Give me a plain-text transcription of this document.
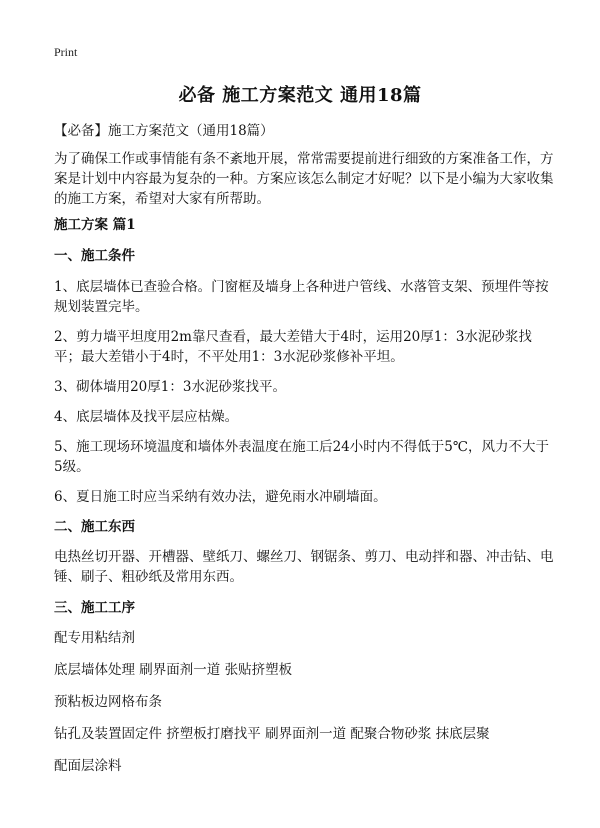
Print
必备 施工方案范文 通用18篇

【必备】施工方案范文（通用18篇）

为了确保工作或事情能有条不紊地开展，常常需要提前进行细致的方案准备工作，方案是计划中内容最为复杂的一种。方案应该怎么制定才好呢？以下是小编为大家收集的施工方案，希望对大家有所帮助。

施工方案 篇1

一、施工条件

1、底层墙体已查验合格。门窗框及墙身上各种进户管线、水落管支架、预埋件等按规划装置完毕。

2、剪力墙平坦度用2m靠尺查看，最大差错大于4时，运用20厚1：3水泥砂浆找平；最大差错小于4时，不平处用1：3水泥砂浆修补平坦。

3、砌体墙用20厚1：3水泥砂浆找平。

4、底层墙体及找平层应枯燥。

5、施工现场环境温度和墙体外表温度在施工后24小时内不得低于5℃，风力不大于5级。

6、夏日施工时应当采纳有效办法，避免雨水冲刷墙面。

二、施工东西

电热丝切开器、开槽器、壁纸刀、螺丝刀、钢锯条、剪刀、电动拌和器、冲击钻、电锤、刷子、粗砂纸及常用东西。

三、施工工序

配专用粘结剂

底层墙体处理 刷界面剂一道 张贴挤塑板

预粘板边网格布条

钻孔及装置固定件 挤塑板打磨找平 刷界面剂一道 配聚合物砂浆 抹底层聚

配面层涂料
